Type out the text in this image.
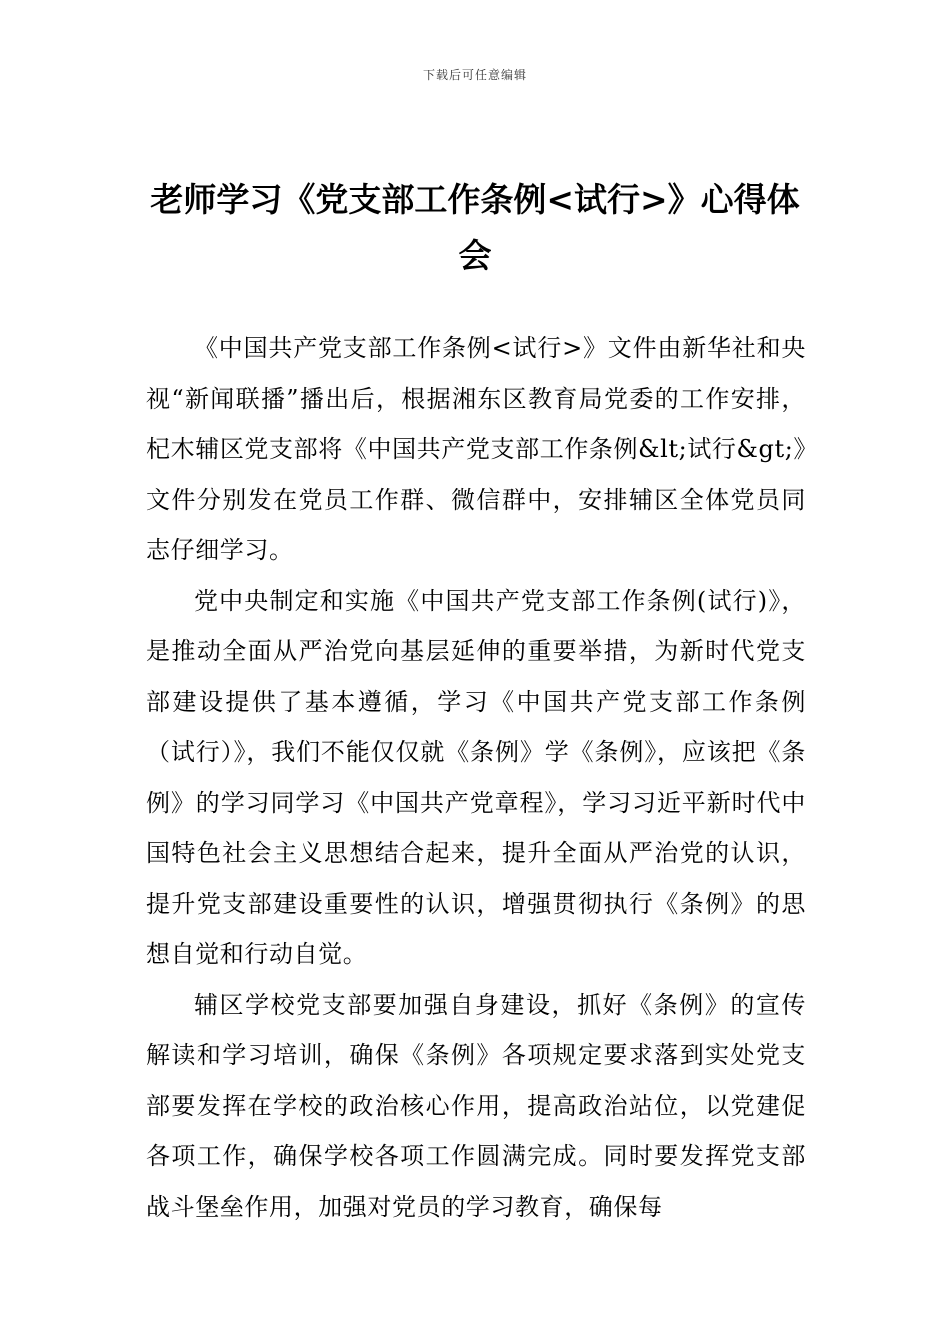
下载后可任意编辑
老师学习《党支部工作条例<试行>》心得体会

《中国共产党支部工作条例<试行>》文件由新华社和央视“新闻联播”播出后，根据湘东区教育局党委的工作安排，杞木辅区党支部将《中国共产党支部工作条例&lt;试行&gt;》文件分别发在党员工作群、微信群中，安排辅区全体党员同志仔细学习。

党中央制定和实施《中国共产党支部工作条例(试行)》，是推动全面从严治党向基层延伸的重要举措，为新时代党支部建设提供了基本遵循，学习《中国共产党支部工作条例（试行）》，我们不能仅仅就《条例》学《条例》，应该把《条例》的学习同学习《中国共产党章程》，学习习近平新时代中国特色社会主义思想结合起来，提升全面从严治党的认识，提升党支部建设重要性的认识，增强贯彻执行《条例》的思想自觉和行动自觉。

辅区学校党支部要加强自身建设，抓好《条例》的宣传解读和学习培训，确保《条例》各项规定要求落到实处党支部要发挥在学校的政治核心作用，提高政治站位，以党建促各项工作，确保学校各项工作圆满完成。同时要发挥党支部战斗堡垒作用，加强对党员的学习教育，确保每
